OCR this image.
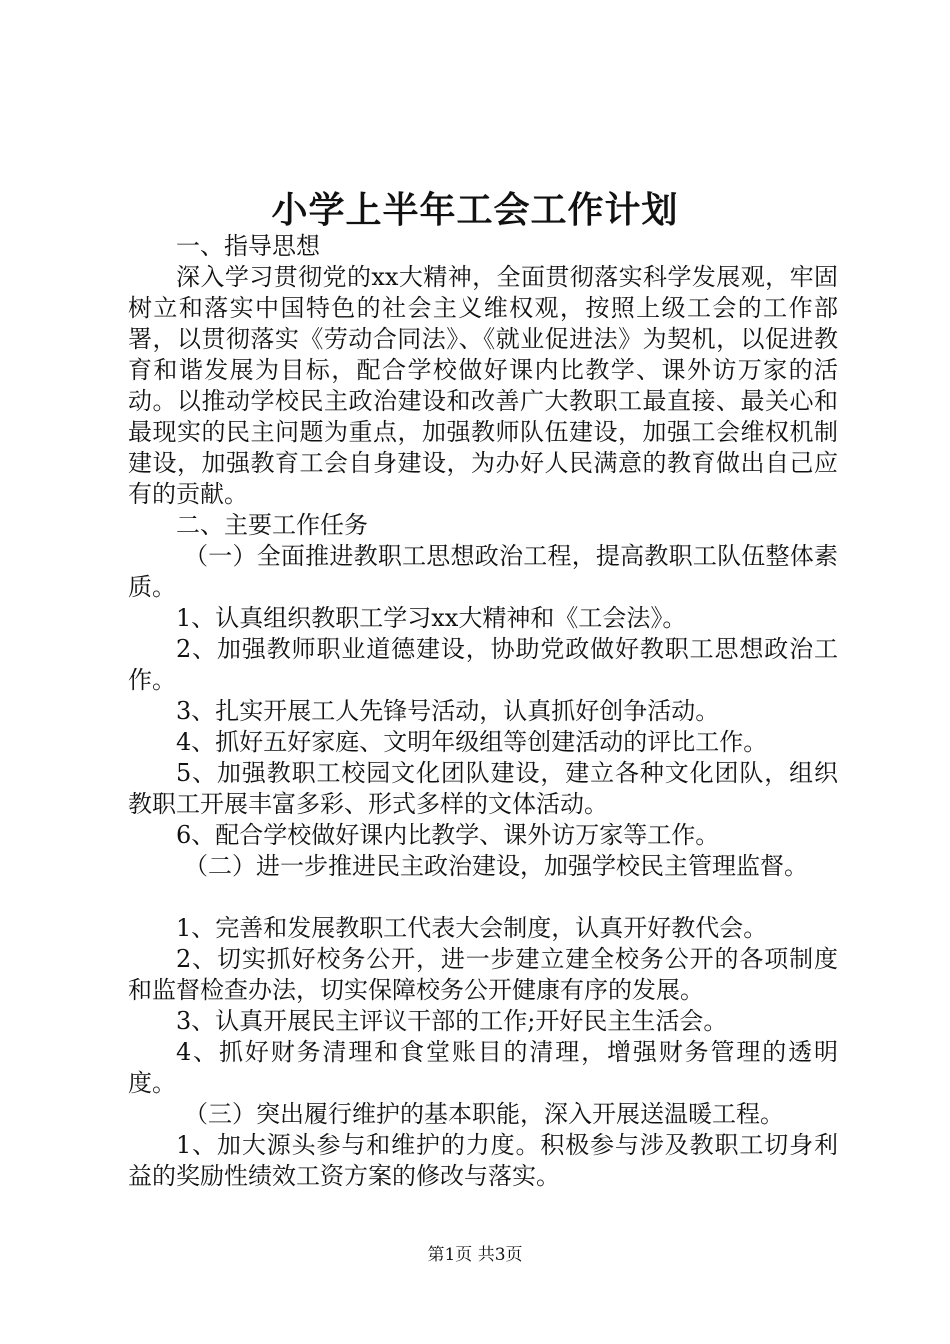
小学上半年工会工作计划

一、指导思想

深入学习贯彻党的xx大精神，全面贯彻落实科学发展观，牢固树立和落实中国特色的社会主义维权观，按照上级工会的工作部署，以贯彻落实《劳动合同法》、《就业促进法》为契机，以促进教育和谐发展为目标，配合学校做好课内比教学、课外访万家的活动。以推动学校民主政治建设和改善广大教职工最直接、最关心和最现实的民主问题为重点，加强教师队伍建设，加强工会维权机制建设，加强教育工会自身建设，为办好人民满意的教育做出自己应有的贡献。

二、主要工作任务

（一）全面推进教职工思想政治工程，提高教职工队伍整体素质。

1、认真组织教职工学习xx大精神和《工会法》。

2、加强教师职业道德建设，协助党政做好教职工思想政治工作。

3、扎实开展工人先锋号活动，认真抓好创争活动。

4、抓好五好家庭、文明年级组等创建活动的评比工作。

5、加强教职工校园文化团队建设，建立各种文化团队，组织教职工开展丰富多彩、形式多样的文体活动。

6、配合学校做好课内比教学、课外访万家等工作。

（二）进一步推进民主政治建设，加强学校民主管理监督。

1、完善和发展教职工代表大会制度，认真开好教代会。

2、切实抓好校务公开，进一步建立建全校务公开的各项制度和监督检查办法，切实保障校务公开健康有序的发展。

3、认真开展民主评议干部的工作;开好民主生活会。

4、抓好财务清理和食堂账目的清理，增强财务管理的透明度。

（三）突出履行维护的基本职能，深入开展送温暖工程。

1、加大源头参与和维护的力度。积极参与涉及教职工切身利益的奖励性绩效工资方案的修改与落实。

第1页 共3页
